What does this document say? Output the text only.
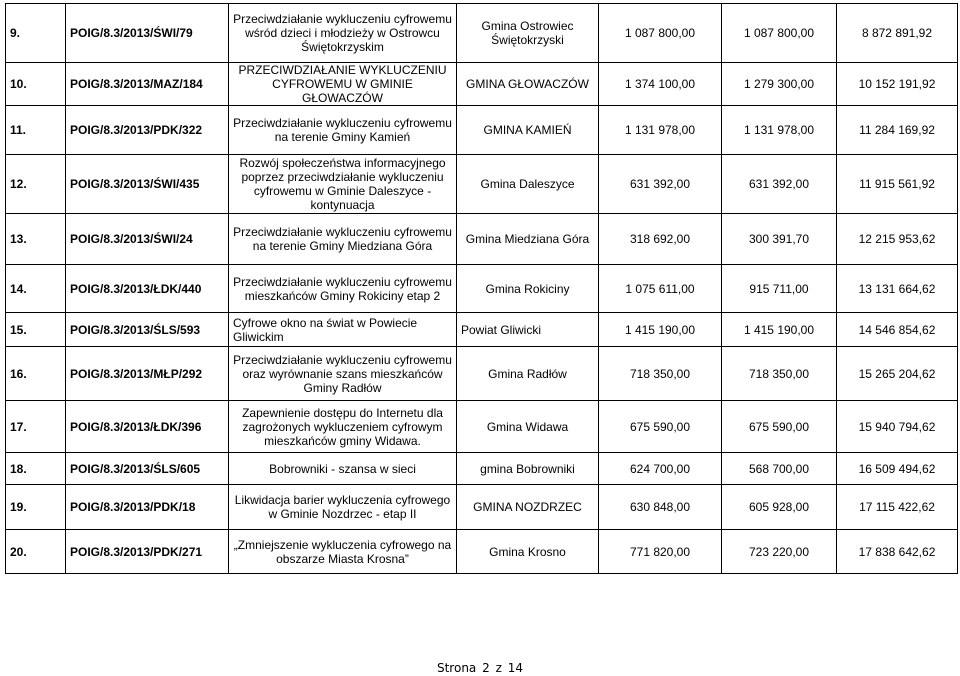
9.	POIG/8.3/2013/ŚWI/79	Przeciwdziałanie wykluczeniu cyfrowemu wśród dzieci i młodzieży w Ostrowcu Świętokrzyskim	Gmina Ostrowiec Świętokrzyski	1 087 800,00	1 087 800,00	8 872 891,92
10.	POIG/8.3/2013/MAZ/184	PRZECIWDZIAŁANIE WYKLUCZENIU CYFROWEMU W GMINIE GŁOWACZÓW	GMINA GŁOWACZÓW	1 374 100,00	1 279 300,00	10 152 191,92
11.	POIG/8.3/2013/PDK/322	Przeciwdziałanie wykluczeniu cyfrowemu na terenie Gminy Kamień	GMINA KAMIEŃ	1 131 978,00	1 131 978,00	11 284 169,92
12.	POIG/8.3/2013/ŚWI/435	Rozwój społeczeństwa informacyjnego poprzez przeciwdziałanie wykluczeniu cyfrowemu w Gminie Daleszyce - kontynuacja	Gmina Daleszyce	631 392,00	631 392,00	11 915 561,92
13.	POIG/8.3/2013/ŚWI/24	Przeciwdziałanie wykluczeniu cyfrowemu na terenie Gminy Miedziana Góra	Gmina Miedziana Góra	318 692,00	300 391,70	12 215 953,62
14.	POIG/8.3/2013/ŁDK/440	Przeciwdziałanie wykluczeniu cyfrowemu mieszkańców Gminy Rokiciny etap 2	Gmina Rokiciny	1 075 611,00	915 711,00	13 131 664,62
15.	POIG/8.3/2013/ŚLS/593	Cyfrowe okno na świat w Powiecie Gliwickim	Powiat Gliwicki	1 415 190,00	1 415 190,00	14 546 854,62
16.	POIG/8.3/2013/MŁP/292	Przeciwdziałanie wykluczeniu cyfrowemu oraz wyrównanie szans mieszkańców Gminy Radłów	Gmina Radłów	718 350,00	718 350,00	15 265 204,62
17.	POIG/8.3/2013/ŁDK/396	Zapewnienie dostępu do Internetu dla zagrożonych wykluczeniem cyfrowym mieszkańców gminy Widawa.	Gmina Widawa	675 590,00	675 590,00	15 940 794,62
18.	POIG/8.3/2013/ŚLS/605	Bobrowniki - szansa w sieci	gmina Bobrowniki	624 700,00	568 700,00	16 509 494,62
19.	POIG/8.3/2013/PDK/18	Likwidacja barier wykluczenia cyfrowego w Gminie Nozdrzec - etap II	GMINA NOZDRZEC	630 848,00	605 928,00	17 115 422,62
20.	POIG/8.3/2013/PDK/271	„Zmniejszenie wykluczenia cyfrowego na obszarze Miasta Krosna”	Gmina Krosno	771 820,00	723 220,00	17 838 642,62
Strona 2 z 14
